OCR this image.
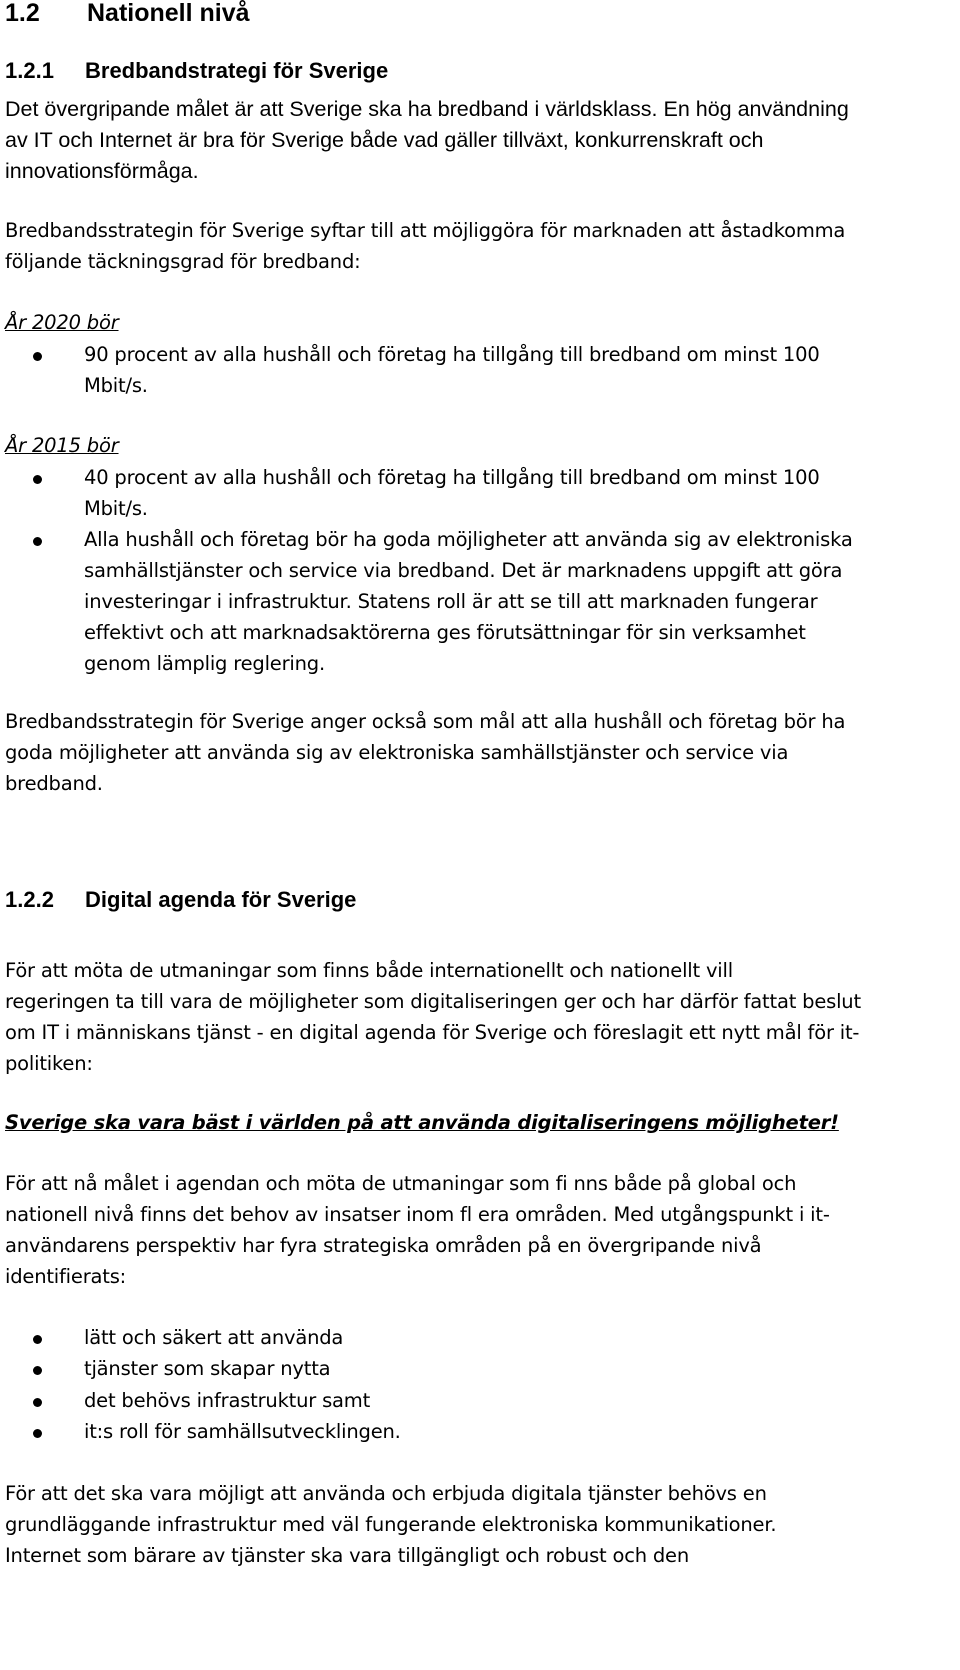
1.2 Nationell nivå
1.2.1 Bredbandstrategi för Sverige
Det övergripande målet är att Sverige ska ha bredband i världsklass. En hög användning
av IT och Internet är bra för Sverige både vad gäller tillväxt, konkurrenskraft och
innovationsförmåga.
Bredbandsstrategin för Sverige syftar till att möjliggöra för marknaden att åstadkomma
följande täckningsgrad för bredband:
År 2020 bör
90 procent av alla hushåll och företag ha tillgång till bredband om minst 100
Mbit/s.
År 2015 bör
40 procent av alla hushåll och företag ha tillgång till bredband om minst 100
Mbit/s.
Alla hushåll och företag bör ha goda möjligheter att använda sig av elektroniska
samhällstjänster och service via bredband. Det är marknadens uppgift att göra
investeringar i infrastruktur. Statens roll är att se till att marknaden fungerar
effektivt och att marknadsaktörerna ges förutsättningar för sin verksamhet
genom lämplig reglering.
Bredbandsstrategin för Sverige anger också som mål att alla hushåll och företag bör ha
goda möjligheter att använda sig av elektroniska samhällstjänster och service via
bredband.
1.2.2 Digital agenda för Sverige
För att möta de utmaningar som finns både internationellt och nationellt vill
regeringen ta till vara de möjligheter som digitaliseringen ger och har därför fattat beslut
om IT i människans tjänst - en digital agenda för Sverige och föreslagit ett nytt mål för it-
politiken:
Sverige ska vara bäst i världen på att använda digitaliseringens möjligheter!
För att nå målet i agendan och möta de utmaningar som fi nns både på global och
nationell nivå finns det behov av insatser inom fl era områden. Med utgångspunkt i it-
användarens perspektiv har fyra strategiska områden på en övergripande nivå
identifierats:
lätt och säkert att använda
tjänster som skapar nytta
det behövs infrastruktur samt
it:s roll för samhällsutvecklingen.
För att det ska vara möjligt att använda och erbjuda digitala tjänster behövs en
grundläggande infrastruktur med väl fungerande elektroniska kommunikationer.
Internet som bärare av tjänster ska vara tillgängligt och robust och den
